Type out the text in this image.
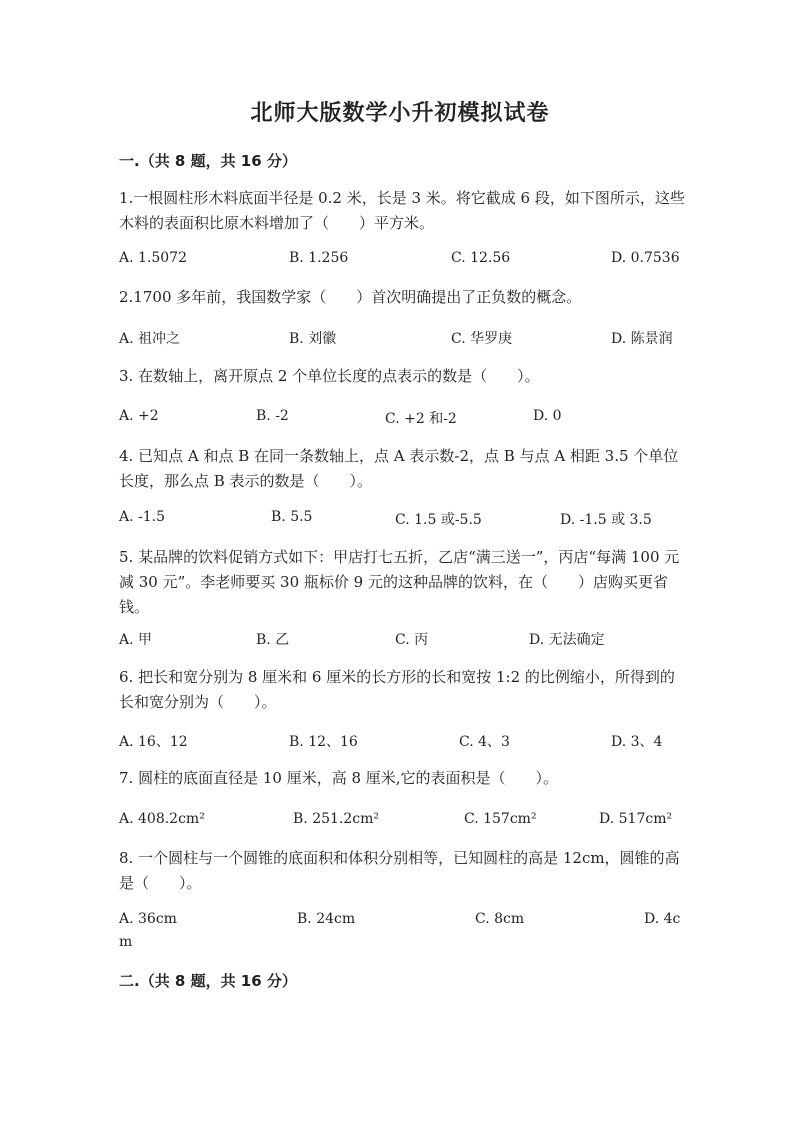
北师大版数学小升初模拟试卷
一.（共 8 题，共 16 分）
1.一根圆柱形木料底面半径是 0.2 米，长是 3 米。将它截成 6 段，如下图所示，这些木料的表面积比原木料增加了（　　）平方米。
A. 1.5072	B. 1.256	C. 12.56	D. 0.7536
2.1700 多年前，我国数学家（　　）首次明确提出了正负数的概念。
A. 祖冲之	B. 刘徽	C. 华罗庚	D. 陈景润
3. 在数轴上，离开原点 2 个单位长度的点表示的数是（　　）。
A. +2	B. -2	C. +2 和-2	D. 0
4. 已知点 A 和点 B 在同一条数轴上，点 A 表示数-2，点 B 与点 A 相距 3.5 个单位长度，那么点 B 表示的数是（　　）。
A. -1.5	B. 5.5	C. 1.5 或-5.5	D. -1.5 或 3.5
5. 某品牌的饮料促销方式如下：甲店打七五折，乙店“满三送一”，丙店“每满 100 元减 30 元”。李老师要买 30 瓶标价 9 元的这种品牌的饮料，在（　　）店购买更省钱。
A. 甲	B. 乙	C. 丙	D. 无法确定
6. 把长和宽分别为 8 厘米和 6 厘米的长方形的长和宽按 1:2 的比例缩小，所得到的长和宽分别为（　　）。
A. 16、12	B. 12、16	C. 4、3	D. 3、4
7. 圆柱的底面直径是 10 厘米，高 8 厘米,它的表面积是（　　）。
A. 408.2cm²	B. 251.2cm²	C. 157cm²	D. 517cm²
8. 一个圆柱与一个圆锥的底面积和体积分别相等，已知圆柱的高是 12cm，圆锥的高是（　　）。
A. 36cm	B. 24cm	C. 8cm	D. 4c
m
二.（共 8 题，共 16 分）
